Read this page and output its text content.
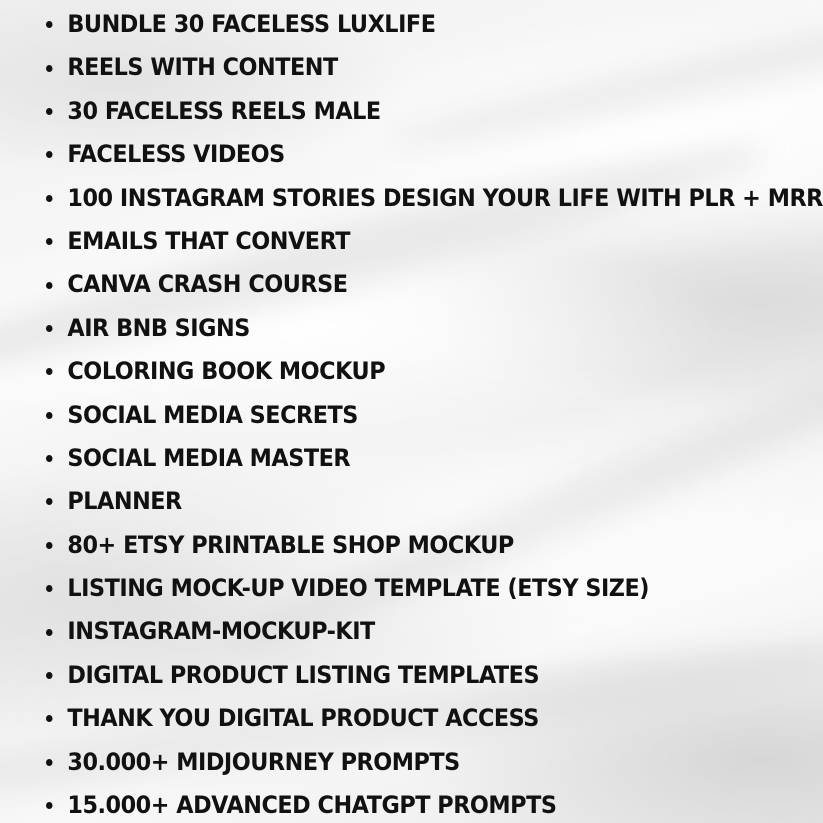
BUNDLE 30 FACELESS LUXLIFE
REELS WITH CONTENT
30 FACELESS REELS MALE
FACELESS VIDEOS
100 INSTAGRAM STORIES DESIGN YOUR LIFE WITH PLR + MRR
EMAILS THAT CONVERT
CANVA CRASH COURSE
AIR BNB SIGNS
COLORING BOOK MOCKUP
SOCIAL MEDIA SECRETS
SOCIAL MEDIA MASTER
PLANNER
80+ ETSY PRINTABLE SHOP MOCKUP
LISTING MOCK-UP VIDEO TEMPLATE (ETSY SIZE)
INSTAGRAM-MOCKUP-KIT
DIGITAL PRODUCT LISTING TEMPLATES
THANK YOU DIGITAL PRODUCT ACCESS
30.000+ MIDJOURNEY PROMPTS
15.000+ ADVANCED CHATGPT PROMPTS
